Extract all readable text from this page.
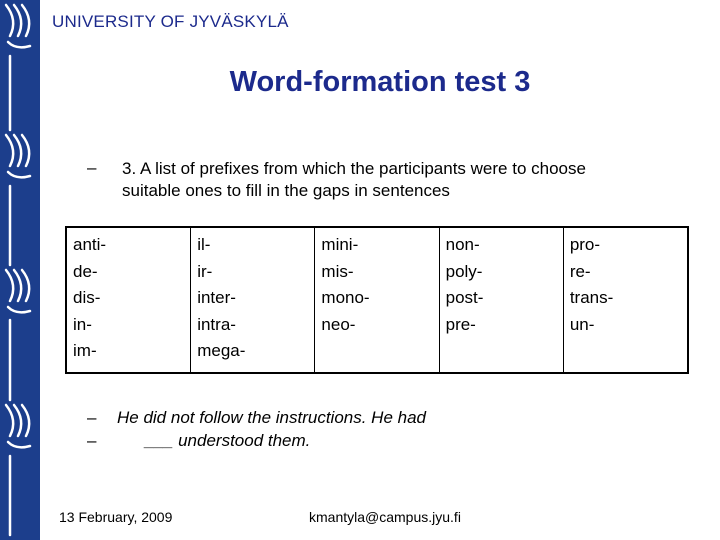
UNIVERSITY OF JYVÄSKYLÄ
Word-formation test 3
– 3. A list of prefixes from which the participants were to choose
suitable ones to fill in the gaps in sentences
anti-
de-
dis-
in-
im-
il-
ir-
inter-
intra-
mega-
mini-
mis-
mono-
neo-
non-
poly-
post-
pre-
pro-
re-
trans-
un-
–
–
He did not follow the instructions. He had
___ understood them.
13 February, 2009	kmantyla@campus.jyu.fi
